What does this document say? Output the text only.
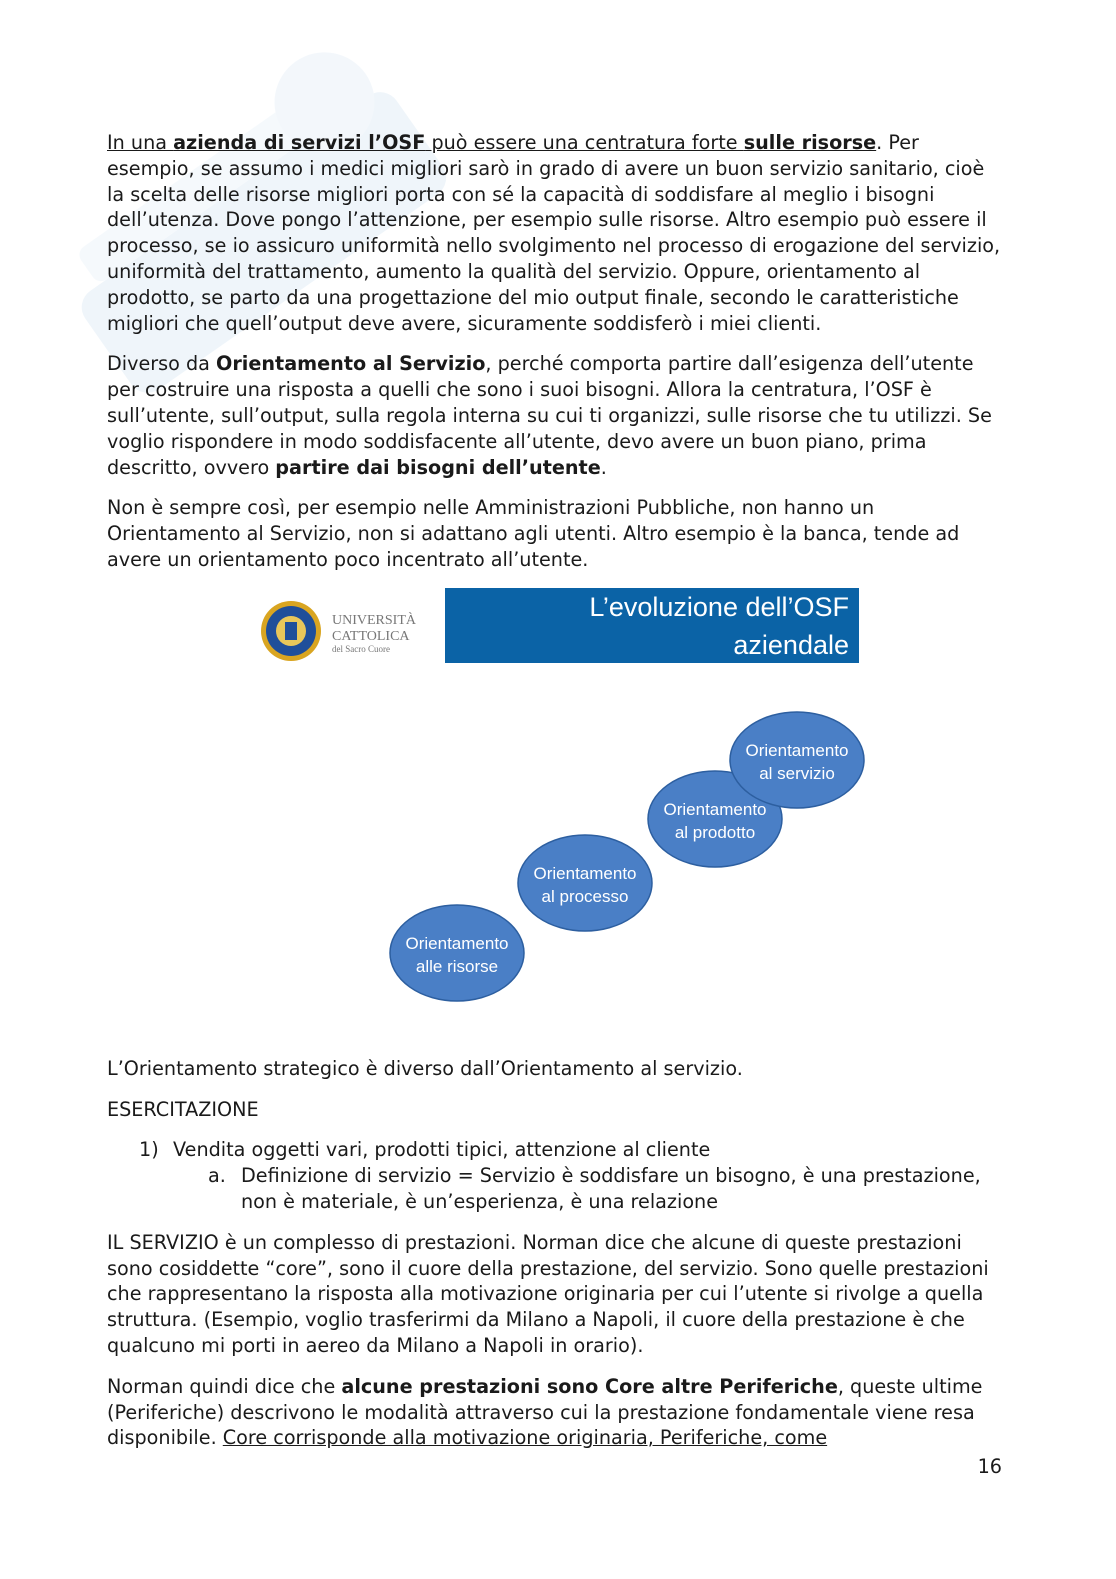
In una azienda di servizi l’OSF può essere una centratura forte sulle risorse. Per esempio, se assumo i medici migliori sarò in grado di avere un buon servizio sanitario, cioè la scelta delle risorse migliori porta con sé la capacità di soddisfare al meglio i bisogni dell’utenza. Dove pongo l’attenzione, per esempio sulle risorse. Altro esempio può essere il processo, se io assicuro uniformità nello svolgimento nel processo di erogazione del servizio, uniformità del trattamento, aumento la qualità del servizio. Oppure, orientamento al prodotto, se parto da una progettazione del mio output finale, secondo le caratteristiche migliori che quell’output deve avere, sicuramente soddisferò i miei clienti.

Diverso da Orientamento al Servizio, perché comporta partire dall’esigenza dell’utente per costruire una risposta a quelli che sono i suoi bisogni. Allora la centratura, l’OSF è sull’utente, sull’output, sulla regola interna su cui ti organizzi, sulle risorse che tu utilizzi. Se voglio rispondere in modo soddisfacente all’utente, devo avere un buon piano, prima descritto, ovvero partire dai bisogni dell’utente.

Non è sempre così, per esempio nelle Amministrazioni Pubbliche, non hanno un Orientamento al Servizio, non si adattano agli utenti. Altro esempio è la banca, tende ad avere un orientamento poco incentrato all’utente.

UNIVERSITÀ
CATTOLICA
del Sacro Cuore
L’evoluzione dell’OSF
aziendale
Orientamento
alle risorse
Orientamento
al processo
Orientamento
al prodotto
Orientamento
al servizio

L’Orientamento strategico è diverso dall’Orientamento al servizio.

ESERCITAZIONE

1) Vendita oggetti vari, prodotti tipici, attenzione al cliente
a. Definizione di servizio = Servizio è soddisfare un bisogno, è una prestazione, non è materiale, è un’esperienza, è una relazione

IL SERVIZIO è un complesso di prestazioni. Norman dice che alcune di queste prestazioni sono cosiddette “core”, sono il cuore della prestazione, del servizio. Sono quelle prestazioni che rappresentano la risposta alla motivazione originaria per cui l’utente si rivolge a quella struttura. (Esempio, voglio trasferirmi da Milano a Napoli, il cuore della prestazione è che qualcuno mi porti in aereo da Milano a Napoli in orario).

Norman quindi dice che alcune prestazioni sono Core altre Periferiche, queste ultime (Periferiche) descrivono le modalità attraverso cui la prestazione fondamentale viene resa disponibile. Core corrisponde alla motivazione originaria, Periferiche, come

16
